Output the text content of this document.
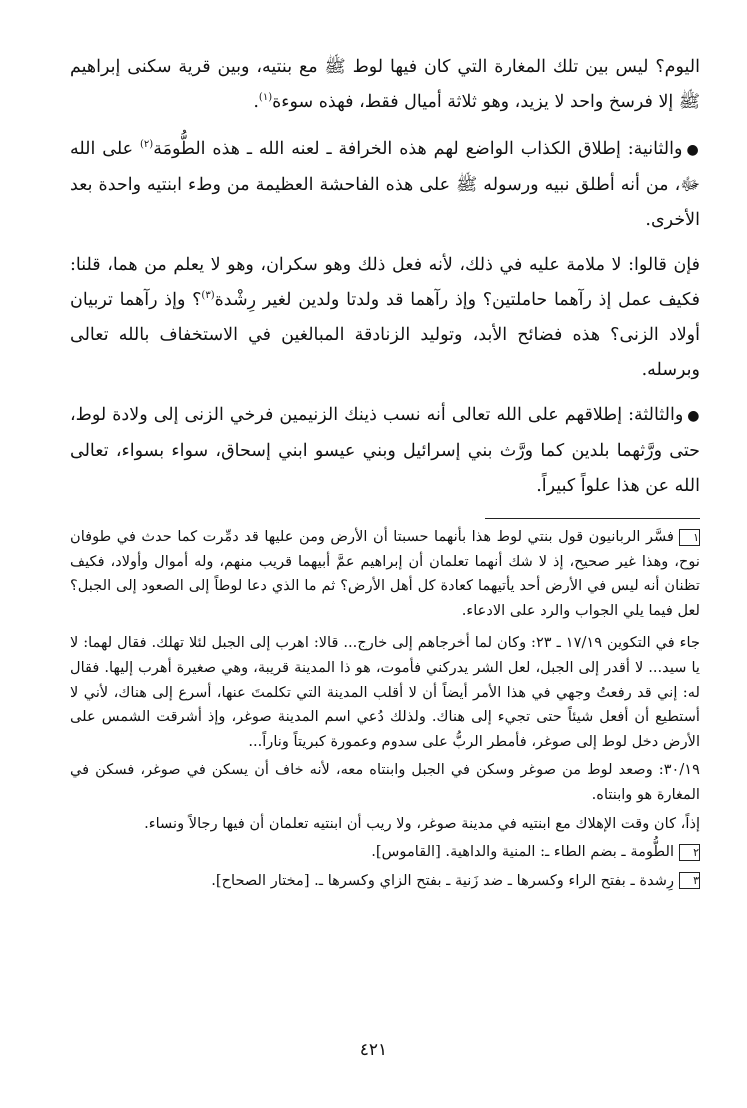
اليوم؟ ليس بين تلك المغارة التي كان فيها لوط ﷺ مع بنتيه، وبين قرية سكنى إبراهيم ﷺ إلا فرسخ واحد لا يزيد، وهو ثلاثة أميال فقط، فهذه سوءة$^{(١)}$.

●والثانية: إطلاق الكذاب الواضع لهم هذه الخرافة ـ لعنه الله ـ هذه الطُّومَة$^{(٢)}$ على الله ﷻ، من أنه أطلق نبيه ورسوله ﷺ على هذه الفاحشة العظيمة من وطء ابنتيه واحدة بعد الأخرى.

فإن قالوا: لا ملامة عليه في ذلك، لأنه فعل ذلك وهو سكران، وهو لا يعلم من هما، قلنا: فكيف عمل إذ رآهما حاملتين؟ وإذ رآهما قد ولدتا ولدين لغير رِشْدة$^{(٣)}$؟ وإذ رآهما تربيان أولاد الزنى؟ هذه فضائح الأبد، وتوليد الزنادقة المبالغين في الاستخفاف بالله تعالى وبرسله.

●والثالثة: إطلاقهم على الله تعالى أنه نسب ذينك الزنيمين فرخي الزنى إلى ولادة لوط، حتى ورَّثهما بلدين كما ورَّث بني إسرائيل وبني عيسو ابني إسحاق، سواء بسواء، تعالى الله عن هذا علواً كبيراً.

١فسَّر الربانيون قول بنتي لوط هذا بأنهما حسبتا أن الأرض ومن عليها قد دمِّرت كما حدث في طوفان نوح، وهذا غير صحيح، إذ لا شك أنهما تعلمان أن إبراهيم عمَّ أبيهما قريب منهم، وله أموال وأولاد، فكيف تظنان أنه ليس في الأرض أحد يأتيهما كعادة كل أهل الأرض؟ ثم ما الذي دعا لوطاً إلى الصعود إلى الجبل؟ لعل فيما يلي الجواب والرد على الادعاء.

جاء في التكوين ١٧/١٩ ـ ٢٣: وكان لما أخرجاهم إلى خارج... قالا: اهرب إلى الجبل لئلا تهلك. فقال لهما: لا يا سيد... لا أقدر إلى الجبل، لعل الشر يدركني فأموت، هو ذا المدينة قريبة، وهي صغيرة أهرب إليها. فقال له: إني قد رفعتُ وجهي في هذا الأمر أيضاً أن لا أقلب المدينة التي تكلمتَ عنها، أسرع إلى هناك، لأني لا أستطيع أن أفعل شيئاً حتى تجيء إلى هناك. ولذلك دُعي اسم المدينة صوغر، وإذ أشرقت الشمس على الأرض دخل لوط إلى صوغر، فأمطر الربُّ على سدوم وعمورة كبريتاً وناراً...

٣٠/١٩: وصعد لوط من صوغر وسكن في الجبل وابنتاه معه، لأنه خاف أن يسكن في صوغر، فسكن في المغارة هو وابنتاه.

إذاً، كان وقت الإهلاك مع ابنتيه في مدينة صوغر، ولا ريب أن ابنتيه تعلمان أن فيها رجالاً ونساء.

٢الطُّومة ـ بضم الطاء ـ: المنية والداهية. [القاموس].

٣رِشدة ـ بفتح الراء وكسرها ـ ضد زَنية ـ بفتح الزاي وكسرها ـ. [مختار الصحاح].

٤٢١
